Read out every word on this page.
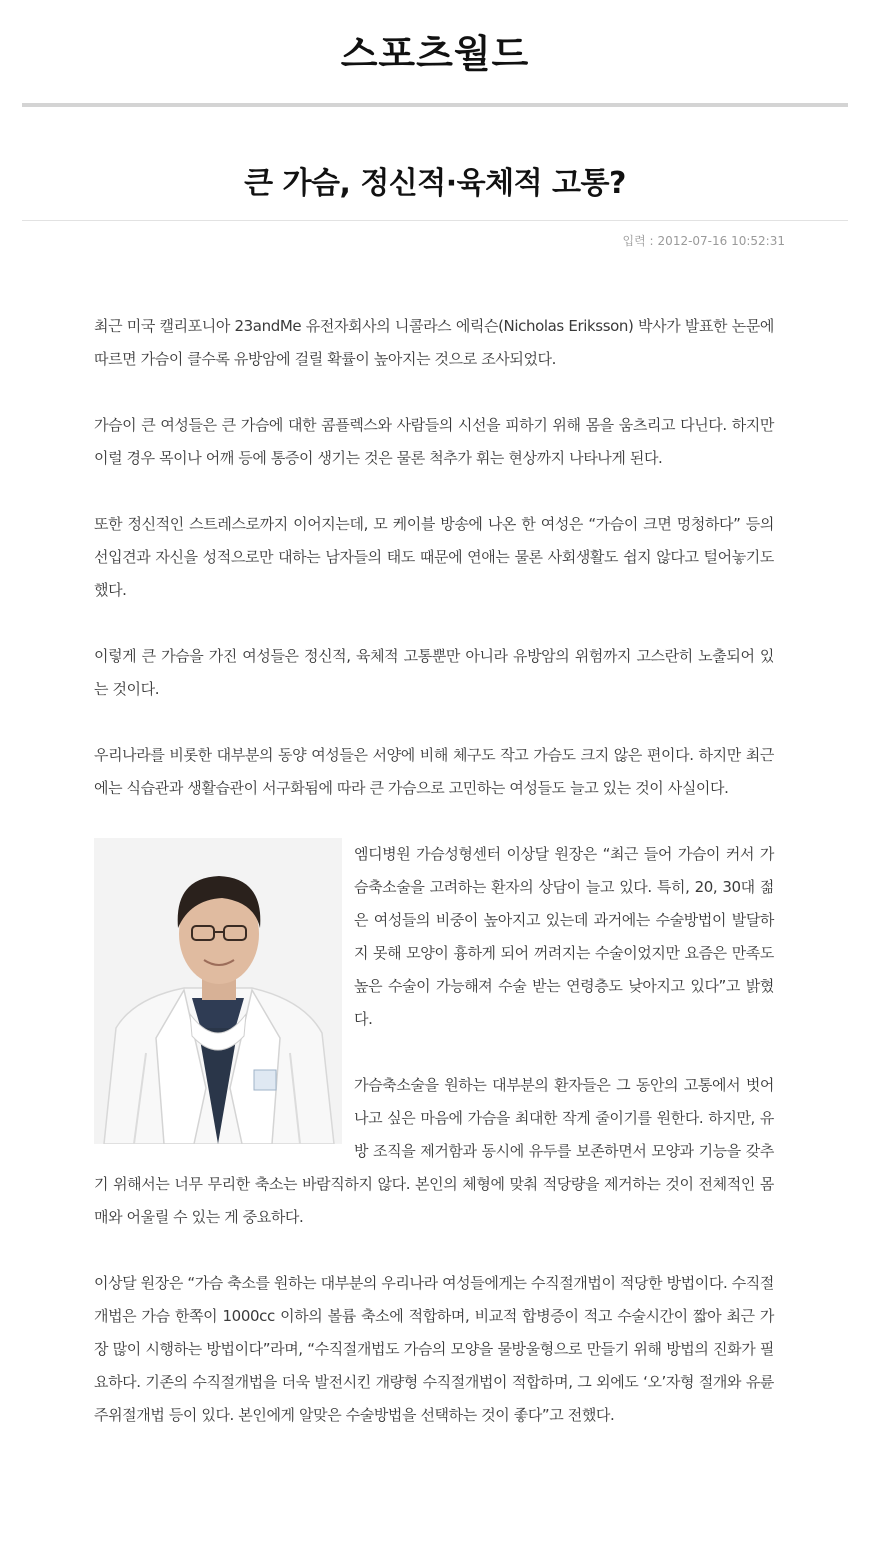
스포츠월드
큰 가슴, 정신적·육체적 고통?
입력 : 2012-07-16 10:52:31

최근 미국 캘리포니아 23andMe 유전자회사의 니콜라스 에릭슨(Nicholas Eriksson) 박사가 발표한 논문에 따르면 가슴이 클수록 유방암에 걸릴 확률이 높아지는 것으로 조사되었다.

가슴이 큰 여성들은 큰 가슴에 대한 콤플렉스와 사람들의 시선을 피하기 위해 몸을 움츠리고 다닌다. 하지만 이럴 경우 목이나 어깨 등에 통증이 생기는 것은 물론 척추가 휘는 현상까지 나타나게 된다.

또한 정신적인 스트레스로까지 이어지는데, 모 케이블 방송에 나온 한 여성은 “가슴이 크면 멍청하다” 등의 선입견과 자신을 성적으로만 대하는 남자들의 태도 때문에 연애는 물론 사회생활도 쉽지 않다고 털어놓기도 했다.

이렇게 큰 가슴을 가진 여성들은 정신적, 육체적 고통뿐만 아니라 유방암의 위험까지 고스란히 노출되어 있는 것이다.

우리나라를 비롯한 대부분의 동양 여성들은 서양에 비해 체구도 작고 가슴도 크지 않은 편이다. 하지만 최근에는 식습관과 생활습관이 서구화됨에 따라 큰 가슴으로 고민하는 여성들도 늘고 있는 것이 사실이다.

엠디병원 가슴성형센터 이상달 원장은 “최근 들어 가슴이 커서 가슴축소술을 고려하는 환자의 상담이 늘고 있다. 특히, 20, 30대 젊은 여성들의 비중이 높아지고 있는데 과거에는 수술방법이 발달하지 못해 모양이 흉하게 되어 꺼려지는 수술이었지만 요즘은 만족도 높은 수술이 가능해져 수술 받는 연령층도 낮아지고 있다”고 밝혔다.

가슴축소술을 원하는 대부분의 환자들은 그 동안의 고통에서 벗어나고 싶은 마음에 가슴을 최대한 작게 줄이기를 원한다. 하지만, 유방 조직을 제거함과 동시에 유두를 보존하면서 모양과 기능을 갖추기 위해서는 너무 무리한 축소는 바람직하지 않다. 본인의 체형에 맞춰 적당량을 제거하는 것이 전체적인 몸매와 어울릴 수 있는 게 중요하다.

이상달 원장은 “가슴 축소를 원하는 대부분의 우리나라 여성들에게는 수직절개법이 적당한 방법이다. 수직절개법은 가슴 한쪽이 1000cc 이하의 볼륨 축소에 적합하며, 비교적 합병증이 적고 수술시간이 짧아 최근 가장 많이 시행하는 방법이다”라며, “수직절개법도 가슴의 모양을 물방울형으로 만들기 위해 방법의 진화가 필요하다. 기존의 수직절개법을 더욱 발전시킨 개량형 수직절개법이 적합하며, 그 외에도 ‘오’자형 절개와 유륜주위절개법 등이 있다. 본인에게 알맞은 수술방법을 선택하는 것이 좋다”고 전했다.
